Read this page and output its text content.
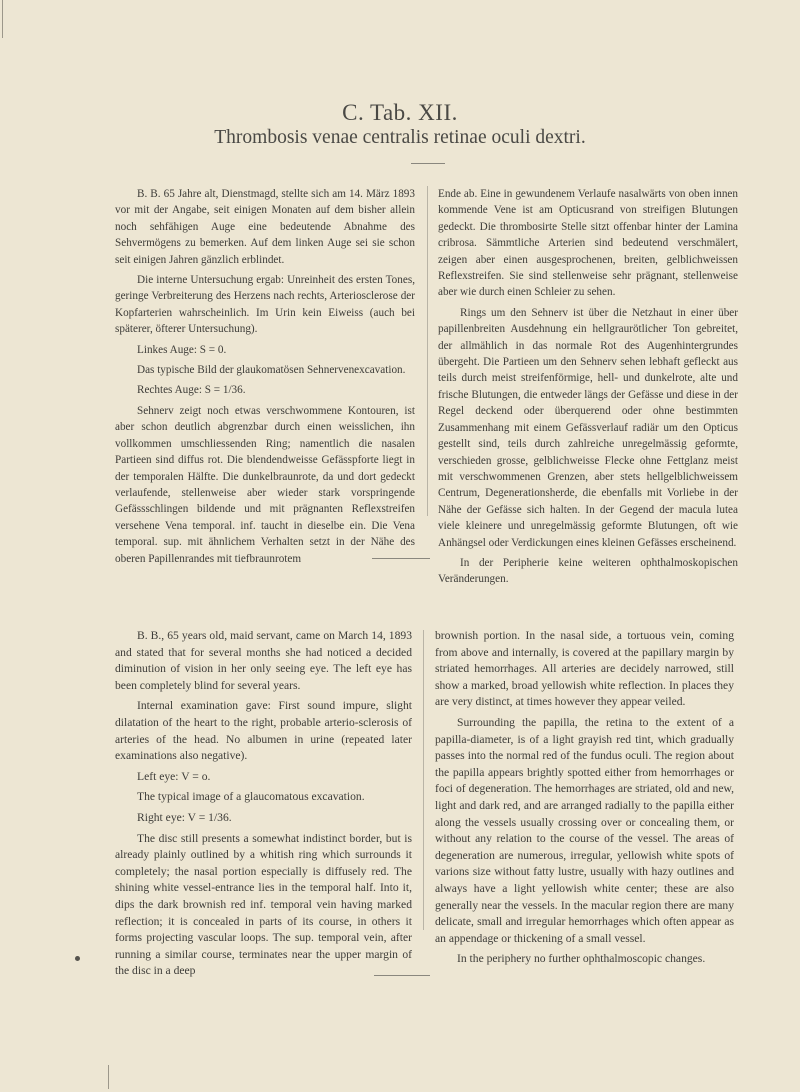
C. Tab. XII.
Thrombosis venae centralis retinae oculi dextri.

B. B. 65 Jahre alt, Dienstmagd, stellte sich am 14. März 1893 vor mit der Angabe, seit einigen Monaten auf dem bisher allein noch sehfähigen Auge eine bedeutende Abnahme des Sehvermögens zu bemerken. Auf dem linken Auge sei sie schon seit einigen Jahren gänzlich erblindet.

Die interne Untersuchung ergab: Unreinheit des ersten Tones, geringe Verbreiterung des Herzens nach rechts, Arteriosclerose der Kopfarterien wahrscheinlich. Im Urin kein Eiweiss (auch bei späterer, öfterer Untersuchung).

Linkes Auge: S = 0.

Das typische Bild der glaukomatösen Sehnervenexcavation.

Rechtes Auge: S = 1/36.

Sehnerv zeigt noch etwas verschwommene Kontouren, ist aber schon deutlich abgrenzbar durch einen weisslichen, ihn vollkommen umschliessenden Ring; namentlich die nasalen Partieen sind diffus rot. Die blendendweisse Gefässpforte liegt in der temporalen Hälfte. Die dunkelbraunrote, da und dort gedeckt verlaufende, stellenweise aber wieder stark vorspringende Gefässschlingen bildende und mit prägnanten Reflexstreifen versehene Vena temporal. inf. taucht in dieselbe ein. Die Vena temporal. sup. mit ähnlichem Verhalten setzt in der Nähe des oberen Papillenrandes mit tiefbraunrotem

Ende ab. Eine in gewundenem Verlaufe nasalwärts von oben innen kommende Vene ist am Opticusrand von streifigen Blutungen gedeckt. Die thrombosirte Stelle sitzt offenbar hinter der Lamina cribrosa. Sämmtliche Arterien sind bedeutend verschmälert, zeigen aber einen ausgesprochenen, breiten, gelblichweissen Reflexstreifen. Sie sind stellenweise sehr prägnant, stellenweise aber wie durch einen Schleier zu sehen.

Rings um den Sehnerv ist über die Netzhaut in einer über papillenbreiten Ausdehnung ein hellgraurötlicher Ton gebreitet, der allmählich in das normale Rot des Augenhintergrundes übergeht. Die Partieen um den Sehnerv sehen lebhaft gefleckt aus teils durch meist streifenförmige, hell- und dunkelrote, alte und frische Blutungen, die entweder längs der Gefässe und diese in der Regel deckend oder überquerend oder ohne bestimmten Zusammenhang mit einem Gefässverlauf radiär um den Opticus gestellt sind, teils durch zahlreiche unregelmässig geformte, verschieden grosse, gelblichweisse Flecke ohne Fettglanz meist mit verschwommenen Grenzen, aber stets hellgelblichweissem Centrum, Degenerationsherde, die ebenfalls mit Vorliebe in der Nähe der Gefässe sich halten. In der Gegend der macula lutea viele kleinere und unregelmässig geformte Blutungen, oft wie Anhängsel oder Verdickungen eines kleinen Gefässes erscheinend.

In der Peripherie keine weiteren ophthalmoskopischen Veränderungen.

B. B., 65 years old, maid servant, came on March 14, 1893 and stated that for several months she had noticed a decided diminution of vision in her only seeing eye. The left eye has been completely blind for several years.

Internal examination gave: First sound impure, slight dilatation of the heart to the right, probable arterio-sclerosis of arteries of the head. No albumen in urine (repeated later examinations also negative).

Left eye: V = o.

The typical image of a glaucomatous excavation.

Right eye: V = 1/36.

The disc still presents a somewhat indistinct border, but is already plainly outlined by a whitish ring which surrounds it completely; the nasal portion especially is diffusely red. The shining white vessel-entrance lies in the temporal half. Into it, dips the dark brownish red inf. temporal vein having marked reflection; it is concealed in parts of its course, in others it forms projecting vascular loops. The sup. temporal vein, after running a similar course, terminates near the upper margin of the disc in a deep

brownish portion. In the nasal side, a tortuous vein, coming from above and internally, is covered at the papillary margin by striated hemorrhages. All arteries are decidely narrowed, still show a marked, broad yellowish white reflection. In places they are very distinct, at times however they appear veiled.

Surrounding the papilla, the retina to the extent of a papilla-diameter, is of a light grayish red tint, which gradually passes into the normal red of the fundus oculi. The region about the papilla appears brightly spotted either from hemorrhages or foci of degeneration. The hemorrhages are striated, old and new, light and dark red, and are arranged radially to the papilla either along the vessels usually crossing over or concealing them, or without any relation to the course of the vessel. The areas of degeneration are numerous, irregular, yellowish white spots of varions size without fatty lustre, usually with hazy outlines and always have a light yellowish white center; these are also generally near the vessels. In the macular region there are many delicate, small and irregular hemorrhages which often appear as an appendage or thickening of a small vessel.

In the periphery no further ophthalmoscopic changes.
